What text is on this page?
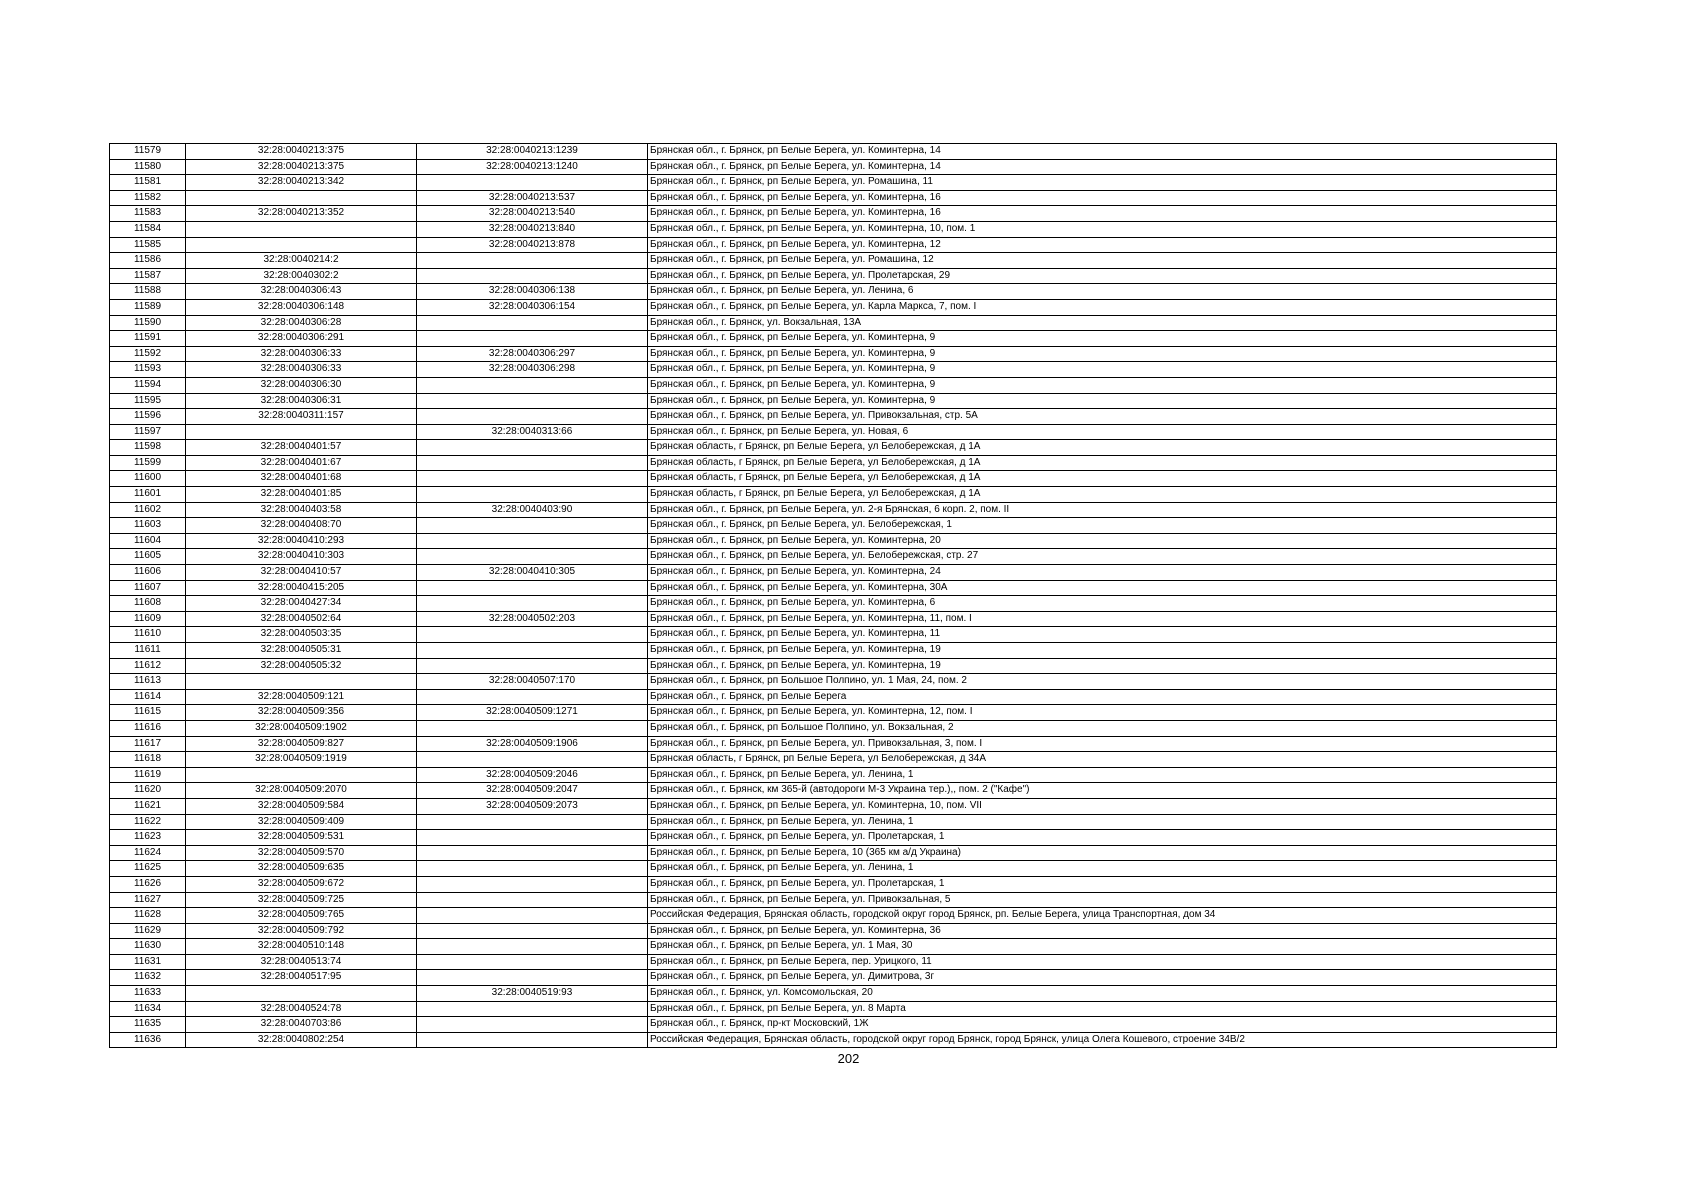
11579	32:28:0040213:375	32:28:0040213:1239	Брянская обл., г. Брянск, рп Белые Берега, ул. Коминтерна, 14
11580	32:28:0040213:375	32:28:0040213:1240	Брянская обл., г. Брянск, рп Белые Берега, ул. Коминтерна, 14
11581	32:28:0040213:342		Брянская обл., г. Брянск, рп Белые Берега, ул. Ромашина, 11
11582		32:28:0040213:537	Брянская обл., г. Брянск, рп Белые Берега, ул. Коминтерна, 16
11583	32:28:0040213:352	32:28:0040213:540	Брянская обл., г. Брянск, рп Белые Берега, ул. Коминтерна, 16
11584		32:28:0040213:840	Брянская обл., г. Брянск, рп Белые Берега, ул. Коминтерна, 10, пом. 1
11585		32:28:0040213:878	Брянская обл., г. Брянск, рп Белые Берега, ул. Коминтерна, 12
11586	32:28:0040214:2		Брянская обл., г. Брянск, рп Белые Берега, ул. Ромашина, 12
11587	32:28:0040302:2		Брянская обл., г. Брянск, рп Белые Берега, ул. Пролетарская, 29
11588	32:28:0040306:43	32:28:0040306:138	Брянская обл., г. Брянск, рп Белые Берега, ул. Ленина, 6
11589	32:28:0040306:148	32:28:0040306:154	Брянская обл., г. Брянск, рп Белые Берега, ул. Карла Маркса, 7, пом. I
11590	32:28:0040306:28		Брянская обл., г. Брянск, ул. Вокзальная, 13А
11591	32:28:0040306:291		Брянская обл., г. Брянск, рп Белые Берега, ул. Коминтерна, 9
11592	32:28:0040306:33	32:28:0040306:297	Брянская обл., г. Брянск, рп Белые Берега, ул. Коминтерна, 9
11593	32:28:0040306:33	32:28:0040306:298	Брянская обл., г. Брянск, рп Белые Берега, ул. Коминтерна, 9
11594	32:28:0040306:30		Брянская обл., г. Брянск, рп Белые Берега, ул. Коминтерна, 9
11595	32:28:0040306:31		Брянская обл., г. Брянск, рп Белые Берега, ул. Коминтерна, 9
11596	32:28:0040311:157		Брянская обл., г. Брянск, рп Белые Берега, ул. Привокзальная, стр. 5А
11597		32:28:0040313:66	Брянская обл., г. Брянск, рп Белые Берега, ул. Новая, 6
11598	32:28:0040401:57		Брянская область, г Брянск, рп Белые Берега, ул Белобережская, д 1А
11599	32:28:0040401:67		Брянская область, г Брянск, рп Белые Берега, ул Белобережская, д 1А
11600	32:28:0040401:68		Брянская область, г Брянск, рп Белые Берега, ул Белобережская, д 1А
11601	32:28:0040401:85		Брянская область, г Брянск, рп Белые Берега, ул Белобережская, д 1А
11602	32:28:0040403:58	32:28:0040403:90	Брянская обл., г. Брянск, рп Белые Берега, ул. 2-я Брянская, 6 корп. 2, пом. II
11603	32:28:0040408:70		Брянская обл., г. Брянск, рп Белые Берега, ул. Белобережская, 1
11604	32:28:0040410:293		Брянская обл., г. Брянск, рп Белые Берега, ул. Коминтерна, 20
11605	32:28:0040410:303		Брянская обл., г. Брянск, рп Белые Берега, ул. Белобережская, стр. 27
11606	32:28:0040410:57	32:28:0040410:305	Брянская обл., г. Брянск, рп Белые Берега, ул. Коминтерна, 24
11607	32:28:0040415:205		Брянская обл., г. Брянск, рп Белые Берега, ул. Коминтерна, 30А
11608	32:28:0040427:34		Брянская обл., г. Брянск, рп Белые Берега, ул. Коминтерна, 6
11609	32:28:0040502:64	32:28:0040502:203	Брянская обл., г. Брянск, рп Белые Берега, ул. Коминтерна, 11, пом. I
11610	32:28:0040503:35		Брянская обл., г. Брянск, рп Белые Берега, ул. Коминтерна, 11
11611	32:28:0040505:31		Брянская обл., г. Брянск, рп Белые Берега, ул. Коминтерна, 19
11612	32:28:0040505:32		Брянская обл., г. Брянск, рп Белые Берега, ул. Коминтерна, 19
11613		32:28:0040507:170	Брянская обл., г. Брянск, рп Большое Полпино, ул. 1 Мая, 24, пом. 2
11614	32:28:0040509:121		Брянская обл., г. Брянск, рп Белые Берега
11615	32:28:0040509:356	32:28:0040509:1271	Брянская обл., г. Брянск, рп Белые Берега, ул. Коминтерна, 12, пом. I
11616	32:28:0040509:1902		Брянская обл., г. Брянск, рп Большое Полпино, ул. Вокзальная, 2
11617	32:28:0040509:827	32:28:0040509:1906	Брянская обл., г. Брянск, рп Белые Берега, ул. Привокзальная, 3, пом. I
11618	32:28:0040509:1919		Брянская область, г Брянск, рп Белые Берега, ул Белобережская, д 34А
11619		32:28:0040509:2046	Брянская обл., г. Брянск, рп Белые Берега, ул. Ленина, 1
11620	32:28:0040509:2070	32:28:0040509:2047	Брянская обл., г. Брянск, км 365-й (автодороги М-3 Украина тер.),, пом. 2 ("Кафе")
11621	32:28:0040509:584	32:28:0040509:2073	Брянская обл., г. Брянск, рп Белые Берега, ул. Коминтерна, 10, пом. VII
11622	32:28:0040509:409		Брянская обл., г. Брянск, рп Белые Берега, ул. Ленина, 1
11623	32:28:0040509:531		Брянская обл., г. Брянск, рп Белые Берега, ул. Пролетарская, 1
11624	32:28:0040509:570		Брянская обл., г. Брянск, рп Белые Берега, 10 (365 км а/д Украина)
11625	32:28:0040509:635		Брянская обл., г. Брянск, рп Белые Берега, ул. Ленина, 1
11626	32:28:0040509:672		Брянская обл., г. Брянск, рп Белые Берега, ул. Пролетарская, 1
11627	32:28:0040509:725		Брянская обл., г. Брянск, рп Белые Берега, ул. Привокзальная, 5
11628	32:28:0040509:765		Российская Федерация, Брянская область, городской округ город Брянск, рп. Белые Берега, улица Транспортная, дом 34
11629	32:28:0040509:792		Брянская обл., г. Брянск, рп Белые Берега, ул. Коминтерна, 36
11630	32:28:0040510:148		Брянская обл., г. Брянск, рп Белые Берега, ул. 1 Мая, 30
11631	32:28:0040513:74		Брянская обл., г. Брянск, рп Белые Берега, пер. Урицкого, 11
11632	32:28:0040517:95		Брянская обл., г. Брянск, рп Белые Берега, ул. Димитрова, 3г
11633		32:28:0040519:93	Брянская обл., г. Брянск, ул. Комсомольская, 20
11634	32:28:0040524:78		Брянская обл., г. Брянск, рп Белые Берега, ул. 8 Марта
11635	32:28:0040703:86		Брянская обл., г. Брянск, пр-кт Московский, 1Ж
11636	32:28:0040802:254		Российская Федерация, Брянская область, городской округ город Брянск, город Брянск, улица Олега Кошевого, строение 34В/2
202
